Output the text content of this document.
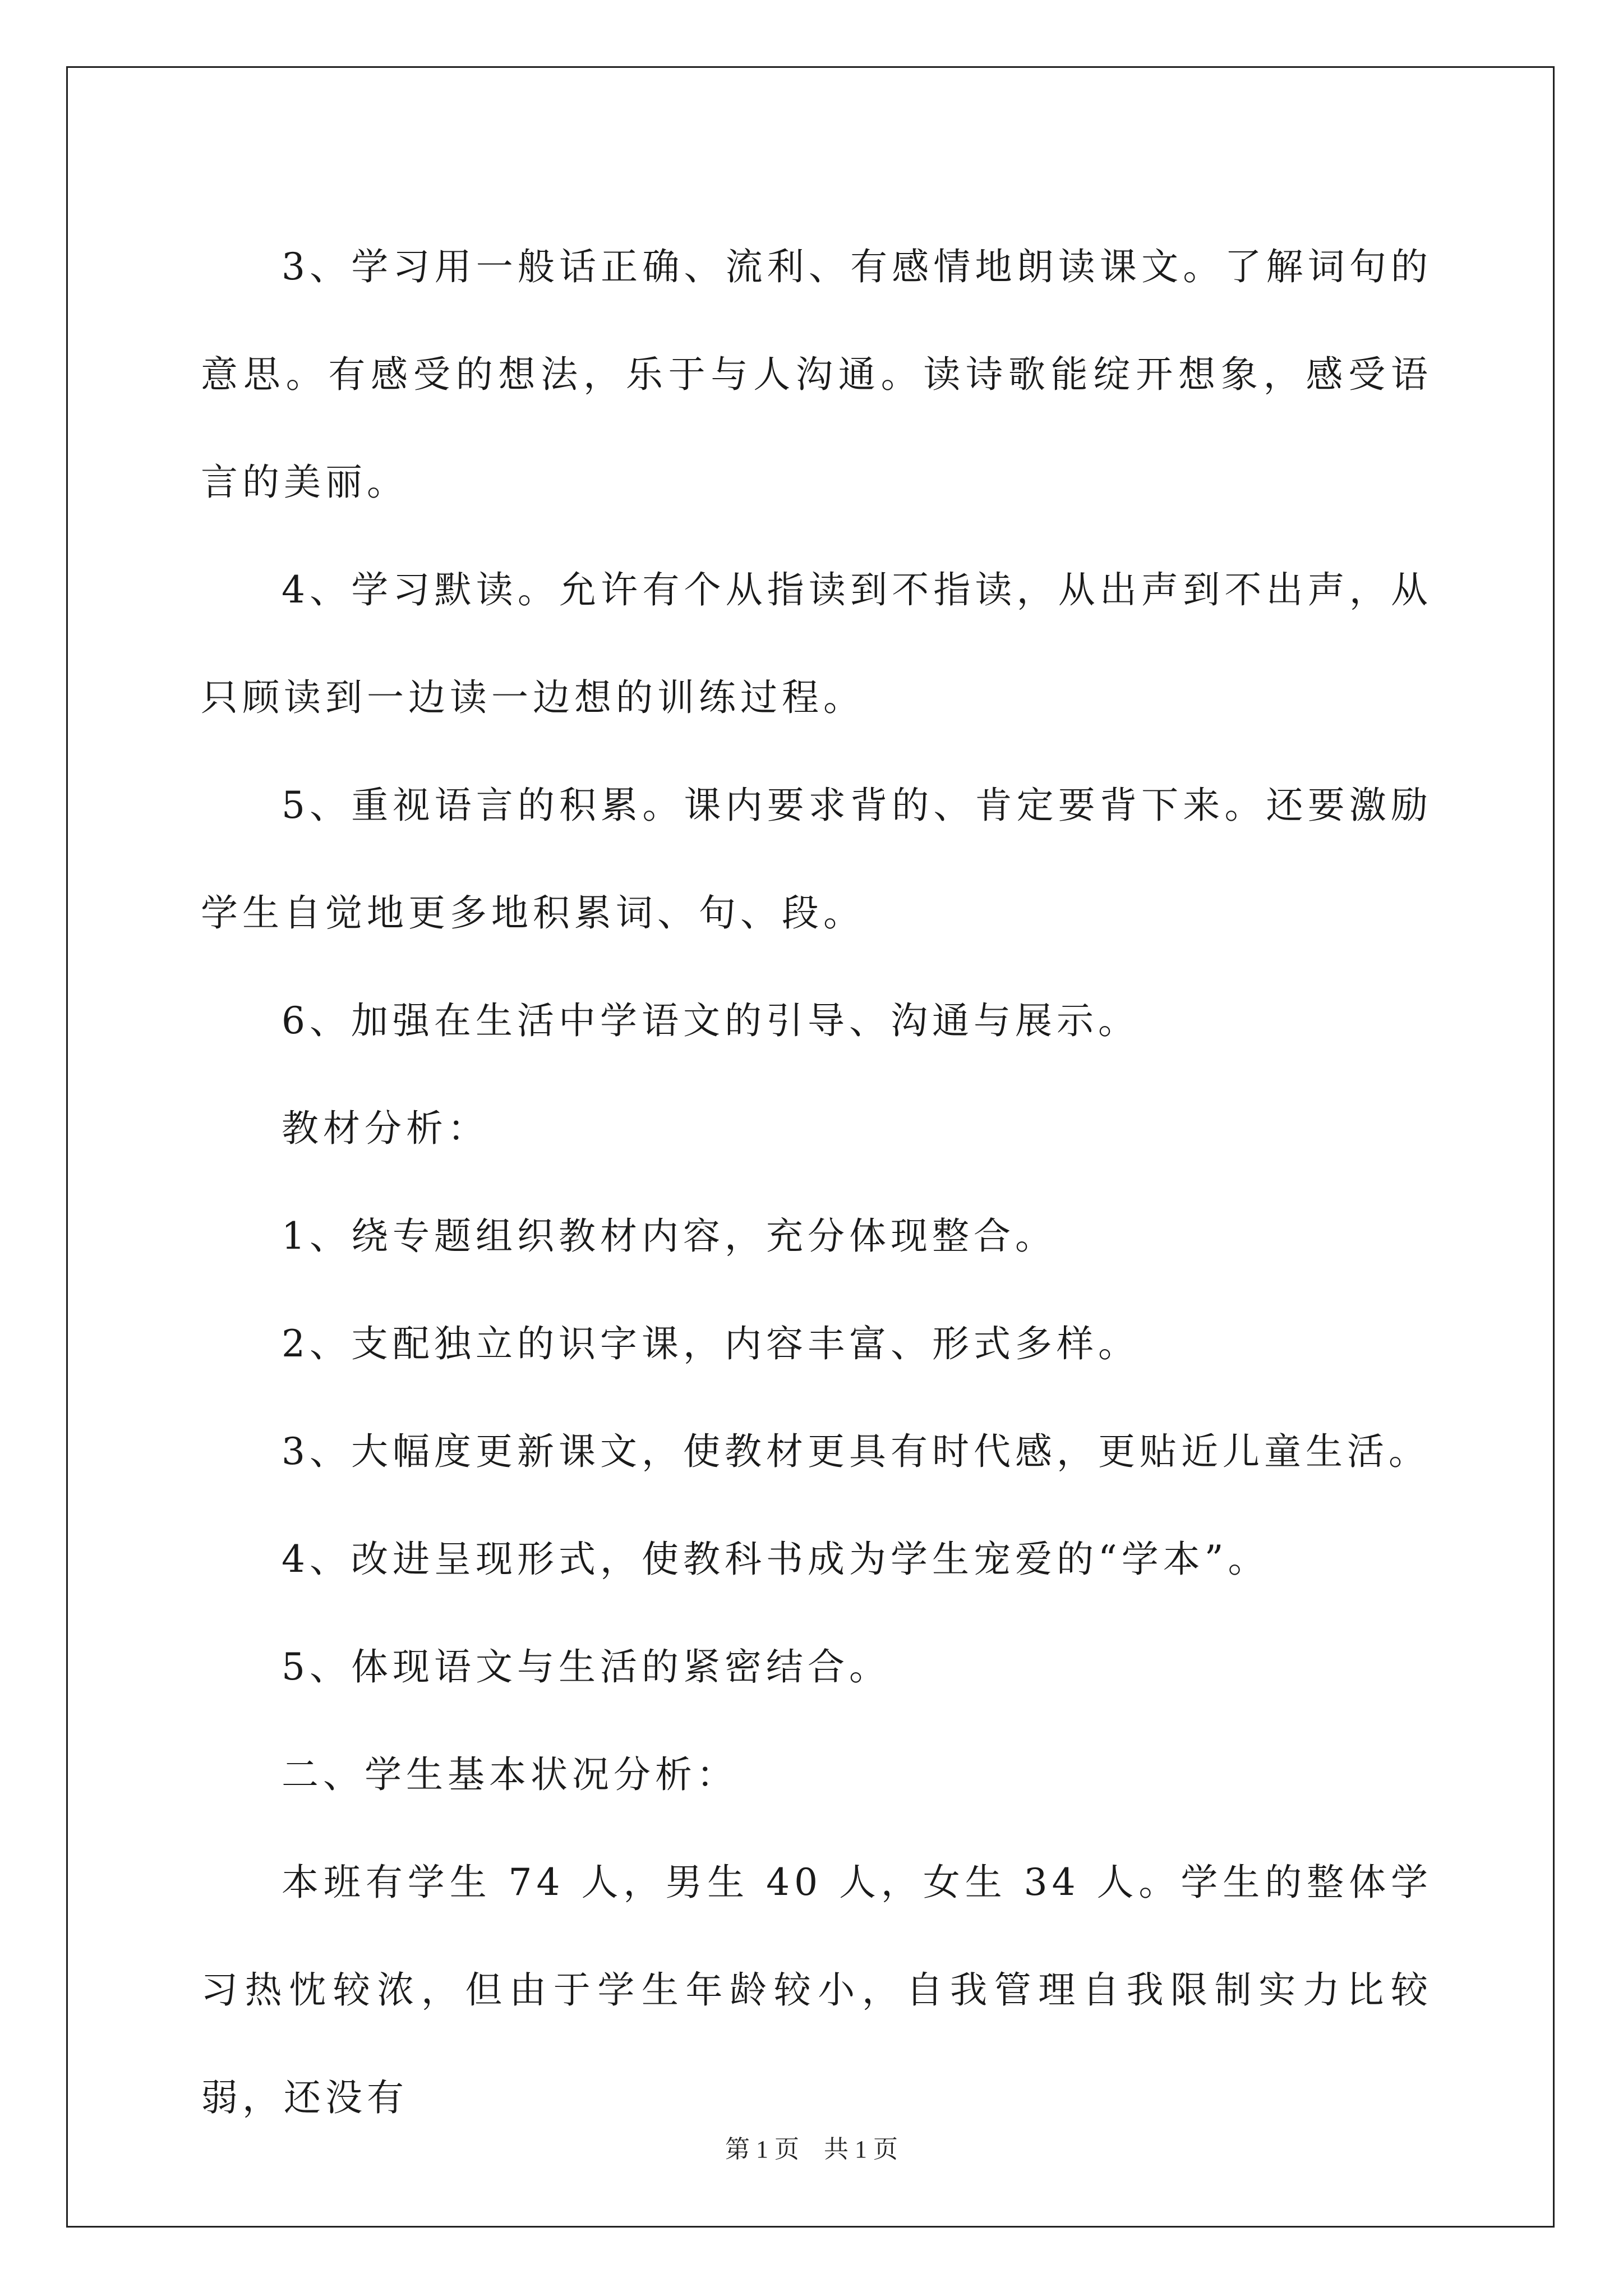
3、学习用一般话正确、流利、有感情地朗读课文。了解词句的意思。有感受的想法，乐于与人沟通。读诗歌能绽开想象，感受语言的美丽。

4、学习默读。允许有个从指读到不指读，从出声到不出声，从只顾读到一边读一边想的训练过程。

5、重视语言的积累。课内要求背的、肯定要背下来。还要激励学生自觉地更多地积累词、句、段。

6、加强在生活中学语文的引导、沟通与展示。

教材分析：

1、绕专题组织教材内容，充分体现整合。

2、支配独立的识字课，内容丰富、形式多样。

3、大幅度更新课文，使教材更具有时代感，更贴近儿童生活。

4、改进呈现形式，使教科书成为学生宠爱的“学本”。

5、体现语文与生活的紧密结合。

二、学生基本状况分析：

本班有学生 74 人，男生 40 人，女生 34 人。学生的整体学习热忱较浓，但由于学生年龄较小，自我管理自我限制实力比较弱，还没有

第 1 页　共 1 页
